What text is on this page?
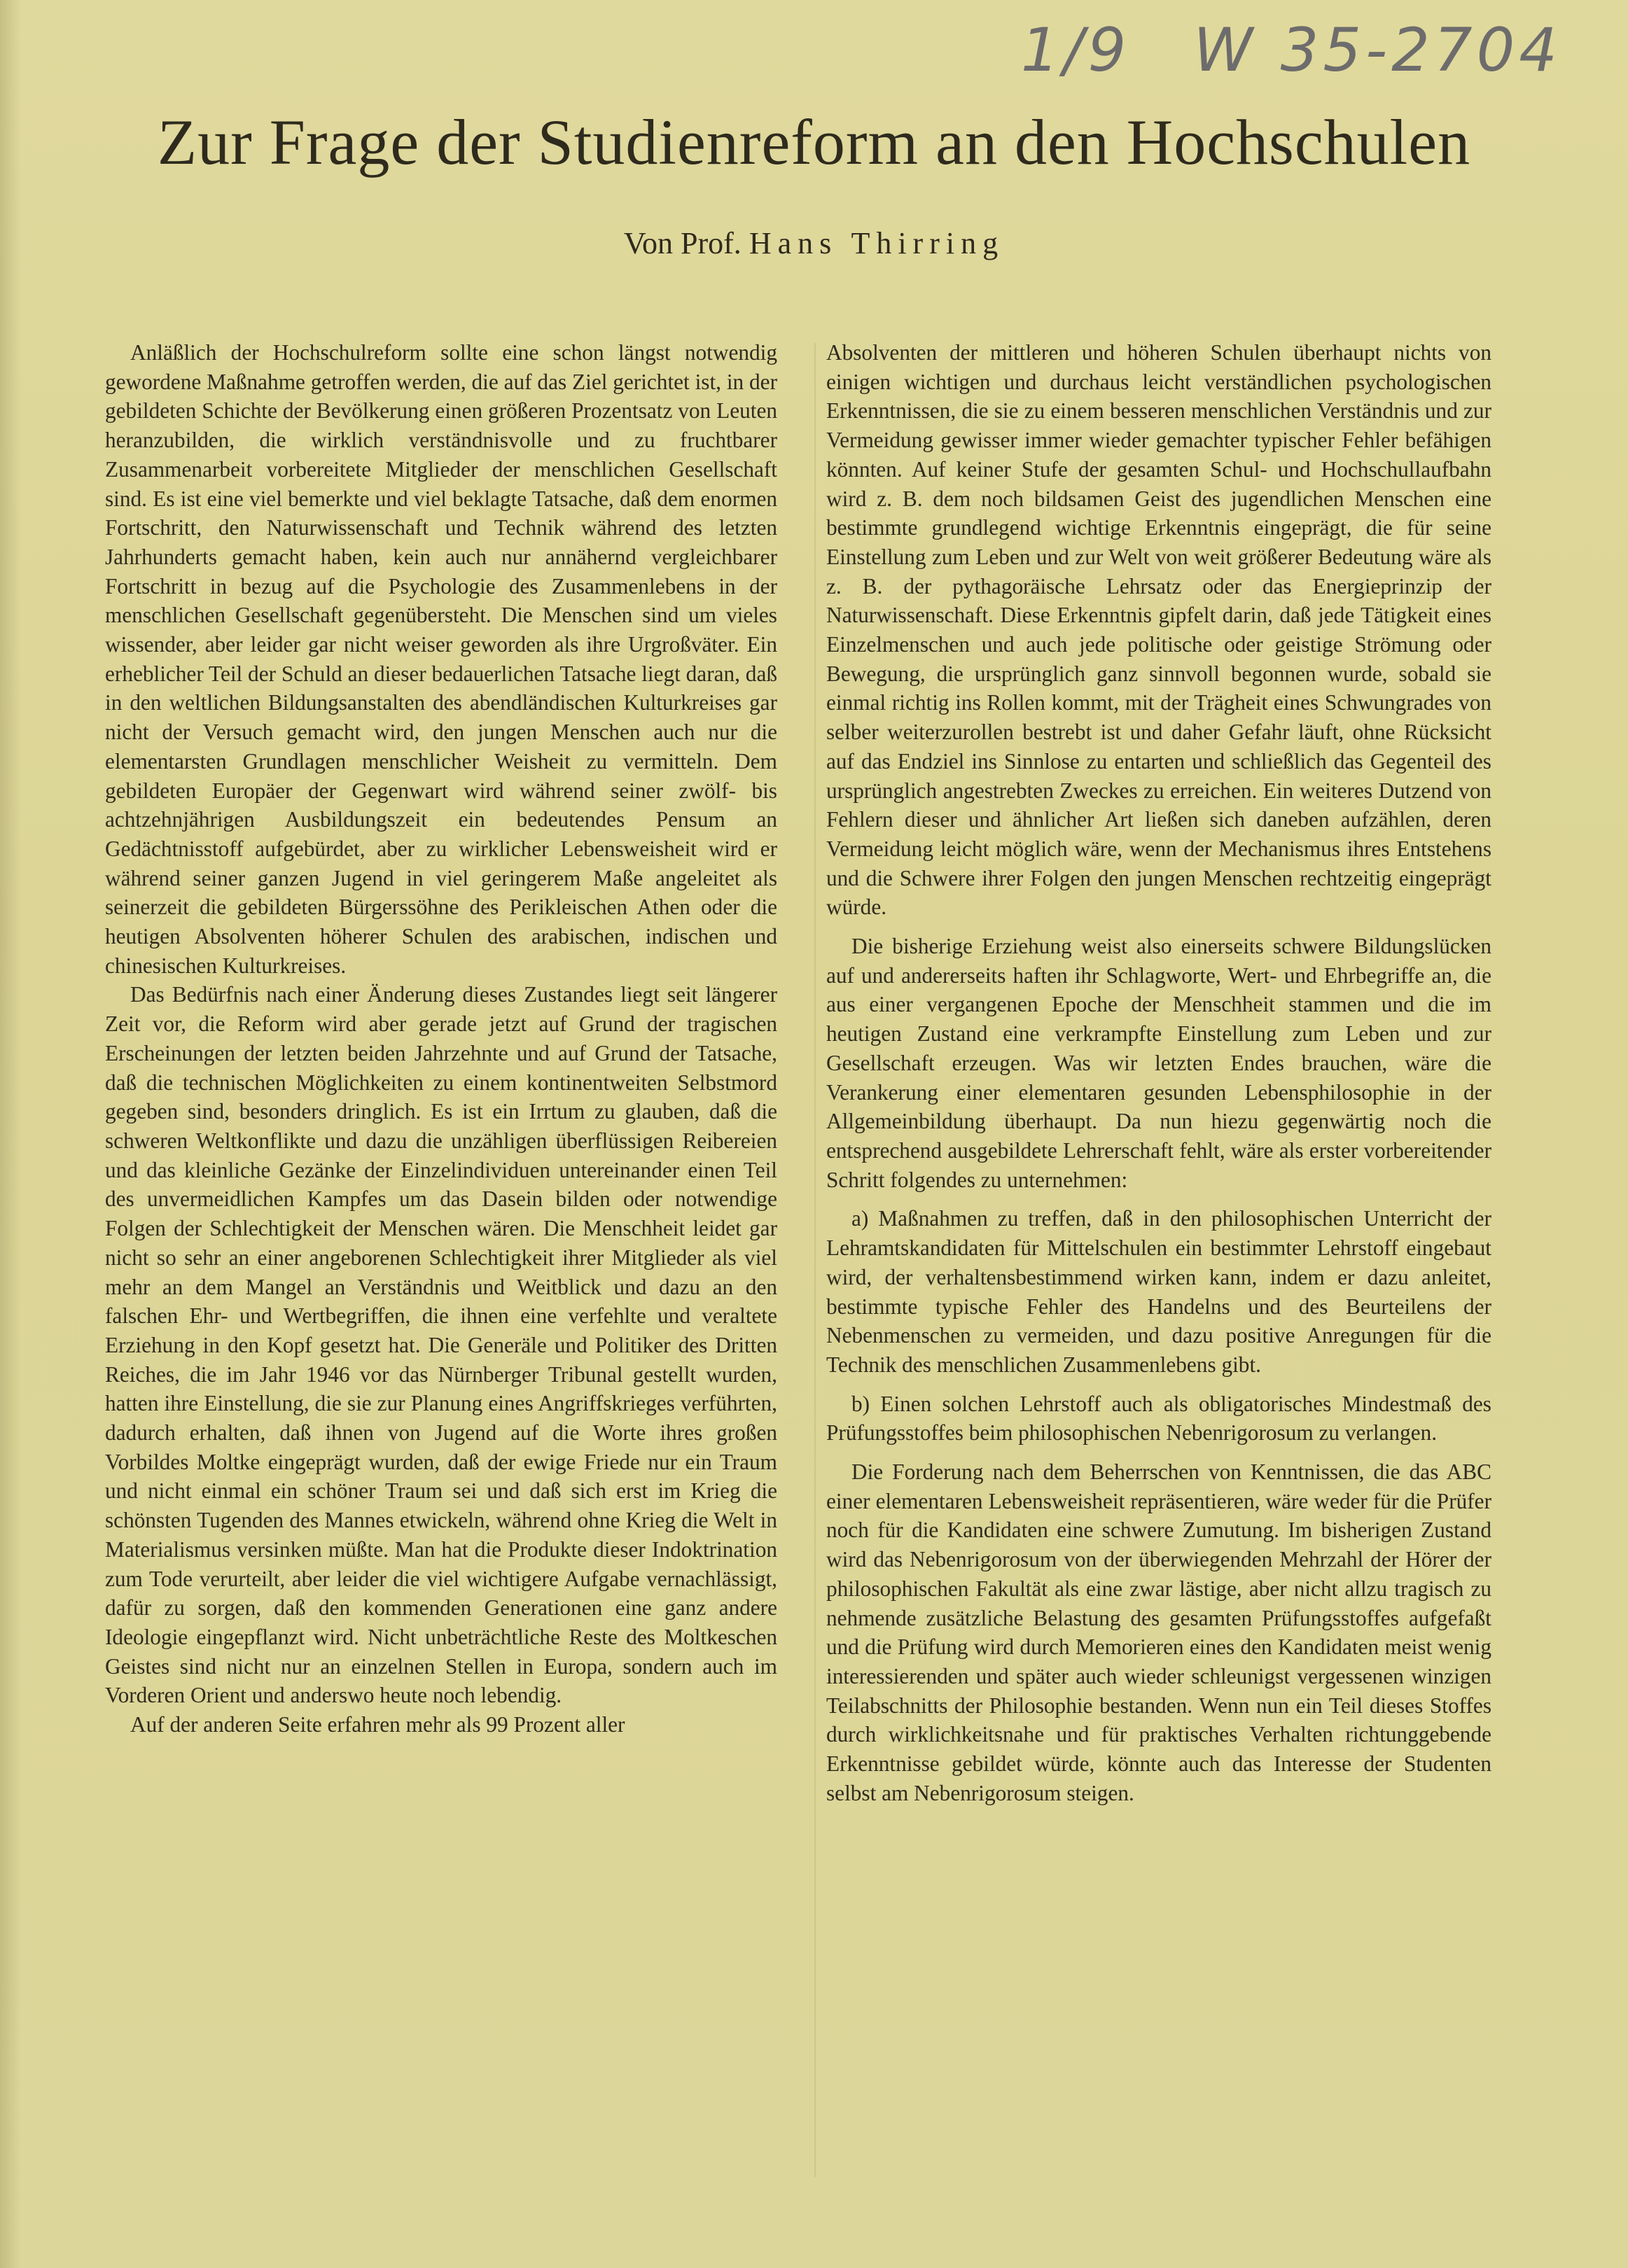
1/9 W 35-2704
Zur Frage der Studienreform an den Hochschulen

Von Prof. Hans Thirring

Anläßlich der Hochschulreform sollte eine schon längst notwendig gewordene Maßnahme getroffen werden, die auf das Ziel gerichtet ist, in der gebildeten Schichte der Bevölkerung einen größeren Prozentsatz von Leuten heranzubilden, die wirklich verständnisvolle und zu fruchtbarer Zusammenarbeit vorbereitete Mitglieder der menschlichen Gesellschaft sind. Es ist eine viel bemerkte und viel beklagte Tatsache, daß dem enormen Fortschritt, den Naturwissenschaft und Technik während des letzten Jahrhunderts gemacht haben, kein auch nur annähernd vergleichbarer Fortschritt in bezug auf die Psychologie des Zusammenlebens in der menschlichen Gesellschaft gegenübersteht. Die Menschen sind um vieles wissender, aber leider gar nicht weiser geworden als ihre Urgroßväter. Ein erheblicher Teil der Schuld an dieser bedauerlichen Tatsache liegt daran, daß in den weltlichen Bildungsanstalten des abendländischen Kulturkreises gar nicht der Versuch gemacht wird, den jungen Menschen auch nur die elementarsten Grundlagen menschlicher Weisheit zu vermitteln. Dem gebildeten Europäer der Gegenwart wird während seiner zwölf- bis achtzehnjährigen Ausbildungszeit ein bedeutendes Pensum an Gedächtnisstoff aufgebürdet, aber zu wirklicher Lebensweisheit wird er während seiner ganzen Jugend in viel geringerem Maße angeleitet als seinerzeit die gebildeten Bürgerssöhne des Perikleischen Athen oder die heutigen Absolventen höherer Schulen des arabischen, indischen und chinesischen Kulturkreises.

Das Bedürfnis nach einer Änderung dieses Zustandes liegt seit längerer Zeit vor, die Reform wird aber gerade jetzt auf Grund der tragischen Erscheinungen der letzten beiden Jahrzehnte und auf Grund der Tatsache, daß die technischen Möglichkeiten zu einem kontinentweiten Selbstmord gegeben sind, besonders dringlich. Es ist ein Irrtum zu glauben, daß die schweren Weltkonflikte und dazu die unzähligen überflüssigen Reibereien und das kleinliche Gezänke der Einzelindividuen untereinander einen Teil des unvermeidlichen Kampfes um das Dasein bilden oder notwendige Folgen der Schlechtigkeit der Menschen wären. Die Menschheit leidet gar nicht so sehr an einer angeborenen Schlechtigkeit ihrer Mitglieder als viel mehr an dem Mangel an Verständnis und Weitblick und dazu an den falschen Ehr- und Wertbegriffen, die ihnen eine verfehlte und veraltete Erziehung in den Kopf gesetzt hat. Die Generäle und Politiker des Dritten Reiches, die im Jahr 1946 vor das Nürnberger Tribunal gestellt wurden, hatten ihre Einstellung, die sie zur Planung eines Angriffskrieges verführten, dadurch erhalten, daß ihnen von Jugend auf die Worte ihres großen Vorbildes Moltke eingeprägt wurden, daß der ewige Friede nur ein Traum und nicht einmal ein schöner Traum sei und daß sich erst im Krieg die schönsten Tugenden des Mannes etwickeln, während ohne Krieg die Welt in Materialismus versinken müßte. Man hat die Produkte dieser Indoktrination zum Tode verurteilt, aber leider die viel wichtigere Aufgabe vernachlässigt, dafür zu sorgen, daß den kommenden Generationen eine ganz andere Ideologie eingepflanzt wird. Nicht unbeträchtliche Reste des Moltkeschen Geistes sind nicht nur an einzelnen Stellen in Europa, sondern auch im Vorderen Orient und anderswo heute noch lebendig.

Auf der anderen Seite erfahren mehr als 99 Prozent aller

Absolventen der mittleren und höheren Schulen überhaupt nichts von einigen wichtigen und durchaus leicht verständlichen psychologischen Erkenntnissen, die sie zu einem besseren menschlichen Verständnis und zur Vermeidung gewisser immer wieder gemachter typischer Fehler befähigen könnten. Auf keiner Stufe der gesamten Schul- und Hochschullaufbahn wird z. B. dem noch bildsamen Geist des jugendlichen Menschen eine bestimmte grundlegend wichtige Erkenntnis eingeprägt, die für seine Einstellung zum Leben und zur Welt von weit größerer Bedeutung wäre als z. B. der pythagoräische Lehrsatz oder das Energieprinzip der Naturwissenschaft. Diese Erkenntnis gipfelt darin, daß jede Tätigkeit eines Einzelmenschen und auch jede politische oder geistige Strömung oder Bewegung, die ursprünglich ganz sinnvoll begonnen wurde, sobald sie einmal richtig ins Rollen kommt, mit der Trägheit eines Schwungrades von selber weiterzurollen bestrebt ist und daher Gefahr läuft, ohne Rücksicht auf das Endziel ins Sinnlose zu entarten und schließlich das Gegenteil des ursprünglich angestrebten Zweckes zu erreichen. Ein weiteres Dutzend von Fehlern dieser und ähnlicher Art ließen sich daneben aufzählen, deren Vermeidung leicht möglich wäre, wenn der Mechanismus ihres Entstehens und die Schwere ihrer Folgen den jungen Menschen rechtzeitig eingeprägt würde.

Die bisherige Erziehung weist also einerseits schwere Bildungslücken auf und andererseits haften ihr Schlagworte, Wert- und Ehrbegriffe an, die aus einer vergangenen Epoche der Menschheit stammen und die im heutigen Zustand eine verkrampfte Einstellung zum Leben und zur Gesellschaft erzeugen. Was wir letzten Endes brauchen, wäre die Verankerung einer elementaren gesunden Lebensphilosophie in der Allgemeinbildung überhaupt. Da nun hiezu gegenwärtig noch die entsprechend ausgebildete Lehrerschaft fehlt, wäre als erster vorbereitender Schritt folgendes zu unternehmen:

a) Maßnahmen zu treffen, daß in den philosophischen Unterricht der Lehramtskandidaten für Mittelschulen ein bestimmter Lehrstoff eingebaut wird, der verhaltensbestimmend wirken kann, indem er dazu anleitet, bestimmte typische Fehler des Handelns und des Beurteilens der Nebenmenschen zu vermeiden, und dazu positive Anregungen für die Technik des menschlichen Zusammenlebens gibt.

b) Einen solchen Lehrstoff auch als obligatorisches Mindestmaß des Prüfungsstoffes beim philosophischen Nebenrigorosum zu verlangen.

Die Forderung nach dem Beherrschen von Kenntnissen, die das ABC einer elementaren Lebensweisheit repräsentieren, wäre weder für die Prüfer noch für die Kandidaten eine schwere Zumutung. Im bisherigen Zustand wird das Nebenrigorosum von der überwiegenden Mehrzahl der Hörer der philosophischen Fakultät als eine zwar lästige, aber nicht allzu tragisch zu nehmende zusätzliche Belastung des gesamten Prüfungsstoffes aufgefaßt und die Prüfung wird durch Memorieren eines den Kandidaten meist wenig interessierenden und später auch wieder schleunigst vergessenen winzigen Teilabschnitts der Philosophie bestanden. Wenn nun ein Teil dieses Stoffes durch wirklichkeitsnahe und für praktisches Verhalten richtunggebende Erkenntnisse gebildet würde, könnte auch das Interesse der Studenten selbst am Nebenrigorosum steigen.
